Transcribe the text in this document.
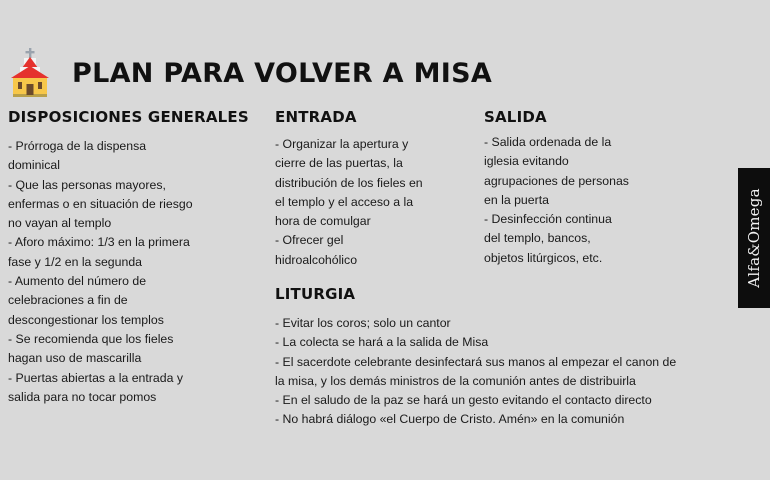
PLAN PARA VOLVER A MISA
DISPOSICIONES GENERALES
- Prórroga de la dispensa
dominical
- Que las personas mayores,
enfermas o en situación de riesgo
no vayan al templo
- Aforo máximo: 1/3 en la primera
fase y 1/2 en la segunda
- Aumento del número de
celebraciones a fin de
descongestionar los templos
- Se recomienda que los fieles
hagan uso de mascarilla
- Puertas abiertas a la entrada y
salida para no tocar pomos
ENTRADA
- Organizar la apertura y
cierre de las puertas, la
distribución de los fieles en
el templo y el acceso a la
hora de comulgar
- Ofrecer gel
hidroalcohólico
SALIDA
- Salida ordenada de la
iglesia evitando
agrupaciones de personas
en la puerta
- Desinfección continua
del templo, bancos,
objetos litúrgicos, etc.
LITURGIA
- Evitar los coros; solo un cantor
- La colecta se hará a la salida de Misa
- El sacerdote celebrante desinfectará sus manos al empezar el canon de
la misa, y los demás ministros de la comunión antes de distribuirla
- En el saludo de la paz se hará un gesto evitando el contacto directo
- No habrá diálogo «el Cuerpo de Cristo. Amén» en la comunión
Alfa&Omega
